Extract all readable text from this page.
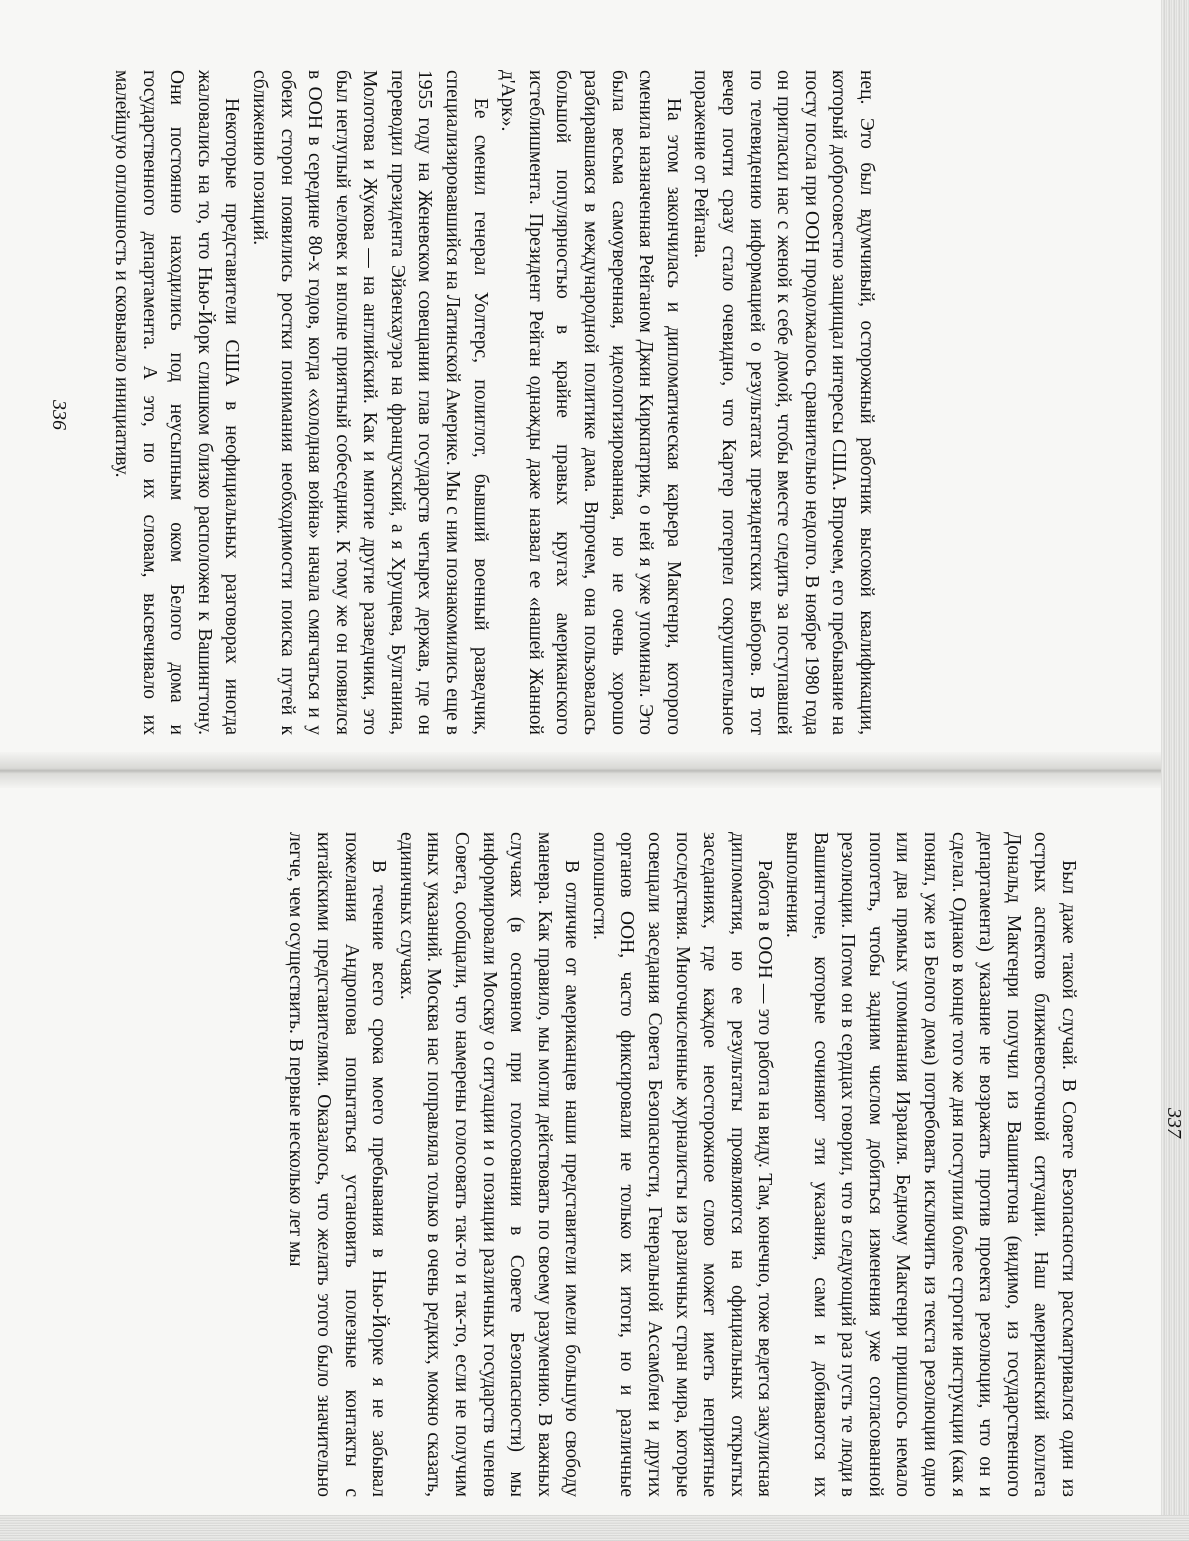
нец. Это был вдумчивый, осторожный работник высокой квалификации, который добросовестно защищал интересы США. Впрочем, его пребывание на посту посла при ООН продолжалось сравнительно недолго. В ноябре 1980 года он пригласил нас с женой к себе домой, чтобы вместе следить за поступавшей по телевидению информацией о результатах президентских выборов. В тот вечер почти сразу стало очевидно, что Картер потерпел сокрушительное поражение от Рейгана.

На этом закончилась и дипломатическая карьера Макгенри, которого сменила назначенная Рейганом Джин Киркпатрик, о ней я уже упоминал. Это была весьма самоуверенная, идеологизированная, но не очень хорошо разбиравшаяся в международной политике дама. Впрочем, она пользовалась большой популярностью в крайне правых кругах американского истеблишмента. Президент Рейган однажды даже назвал ее «нашей Жанной д'Арк».

Ее сменил генерал Уолтерс, полиглот, бывший военный разведчик, специализировавшийся на Латинской Америке. Мы с ним познакомились еще в 1955 году на Женевском совещании глав государств четырех держав, где он переводил президента Эйзенхауэра на французский, а я Хрущева, Булганина, Молотова и Жукова — на английский. Как и многие другие разведчики, это был неглупый человек и вполне приятный собеседник. К тому же он появился в ООН в середине 80-х годов, когда «холодная война» начала смягчаться и у обеих сторон появились ростки понимания необходимости поиска путей к сближению позиций.

Некоторые представители США в неофициальных разговорах иногда жаловались на то, что Нью-Йорк слишком близко расположен к Вашингтону. Они постоянно находились под неусыпным оком Белого дома и государственного департамента. А это, по их словам, высвечивало их малейшую оплошность и сковывало инициативу.

Был даже такой случай. В Совете Безопасности рассматривался один из острых аспектов ближневосточной ситуации. Наш американский коллега Дональд Макгенри получил из Вашингтона (видимо, из государственного департамента) указание не возражать против проекта резолюции, что он и сделал. Однако в конце того же дня поступили более строгие инструкции (как я понял, уже из Белого дома) потребовать исключить из текста резолюции одно или два прямых упоминания Израиля. Бедному Макгенри пришлось немало попотеть, чтобы задним числом добиться изменения уже согласованной резолюции. Потом он в сердцах говорил, что в следующий раз пусть те люди в Вашингтоне, которые сочиняют эти указания, сами и добиваются их выполнения.

Работа в ООН — это работа на виду. Там, конечно, тоже ведется закулисная дипломатия, но ее результаты проявляются на официальных открытых заседаниях, где каждое неосторожное слово может иметь неприятные последствия. Многочисленные журналисты из различных стран мира, которые освещали заседания Совета Безопасности, Генеральной Ассамблеи и других органов ООН, часто фиксировали не только их итоги, но и различные оплошности.

В отличие от американцев наши представители имели большую свободу маневра. Как правило, мы могли действовать по своему разумению. В важных случаях (в основном при голосовании в Совете Безопасности) мы информировали Москву о ситуации и о позиции различных государств членов Совета, сообщали, что намерены голосовать так-то и так-то, если не получим иных указаний. Москва нас поправляла только в очень редких, можно сказать, единичных случаях.

В течение всего срока моего пребывания в Нью-Йорке я не забывал пожелания Андропова попытаться установить полезные контакты с китайскими представителями. Оказалось, что желать этого было значительно легче, чем осуществить. В первые несколько лет мы

336
337
